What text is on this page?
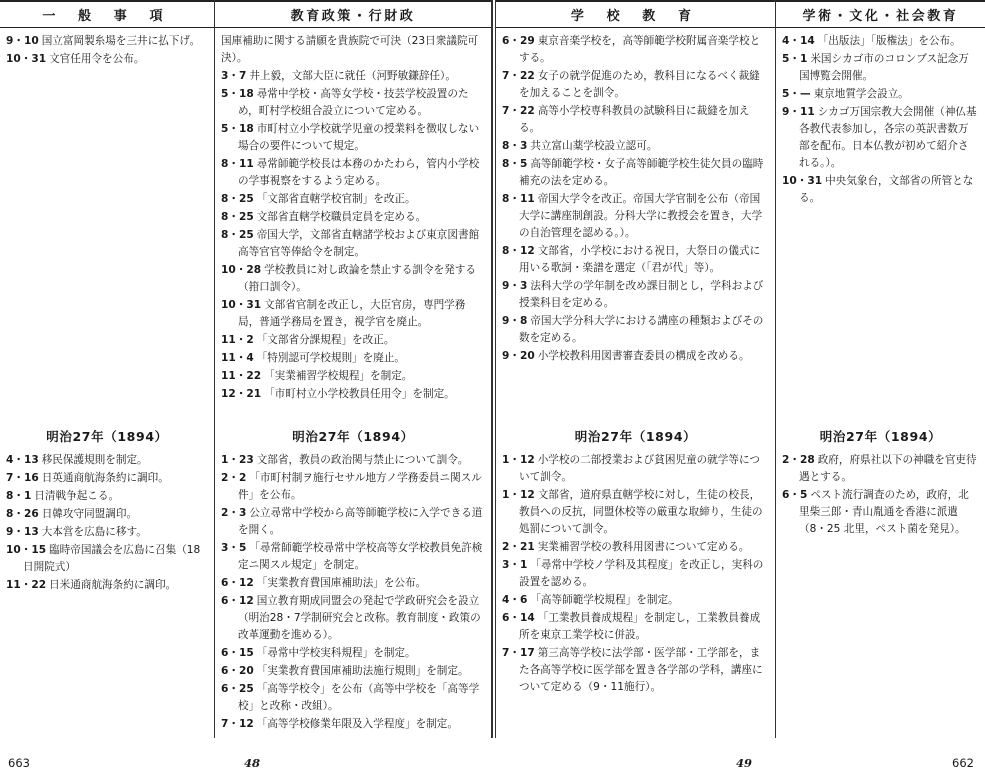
一 般 事 項
9・10 国立富岡製糸場を三井に払下げ。
10・31 文官任用令を公布。
明治27年（1894）
4・13 移民保護規則を制定。
7・16 日英通商航海条約に調印。
8・1 日清戦争起こる。
8・26 日韓攻守同盟調印。
9・13 大本営を広島に移す。
10・15 臨時帝国議会を広島に召集（18日開院式）
11・22 日米通商航海条約に調印。
教育政策・行財政
国庫補助に関する請願を貴族院で可決（23日衆議院可決）。
3・7 井上毅，文部大臣に就任（河野敏鎌辞任）。
5・18 尋常中学校・高等女学校・技芸学校設置のため，町村学校組合設立について定める。
5・18 市町村立小学校就学児童の授業料を徴収しない場合の要件について規定。
8・11 尋常師範学校長は本務のかたわら，管内小学校の学事視察をするよう定める。
8・25 「文部省直轄学校官制」を改正。
8・25 文部省直轄学校職員定員を定める。
8・25 帝国大学，文部省直轄諸学校および東京図書館高等官官等俸給令を制定。
10・28 学校教員に対し政論を禁止する訓令を発する（箝口訓令）。
10・31 文部省官制を改正し，大臣官房，専門学務局，普通学務局を置き，視学官を廃止。
11・2 「文部省分課規程」を改正。
11・4 「特別認可学校規則」を廃止。
11・22 「実業補習学校規程」を制定。
12・21 「市町村立小学校教員任用令」を制定。
明治27年（1894）
1・23 文部省，教員の政治関与禁止について訓令。
2・2 「市町村制ヲ施行セサル地方ノ学務委員ニ関スル件」を公布。
2・3 公立尋常中学校から高等師範学校に入学できる道を開く。
3・5 「尋常師範学校尋常中学校高等女学校教員免許検定ニ関スル規定」を制定。
6・12 「実業教育費国庫補助法」を公布。
6・12 国立教育期成同盟会の発起で学政研究会を設立（明治28・7学制研究会と改称。教育制度・政策の改革運動を進める）。
6・15 「尋常中学校実科規程」を制定。
6・20 「実業教育費国庫補助法施行規則」を制定。
6・25 「高等学校令」を公布（高等中学校を「高等学校」と改称・改組）。
7・12 「高等学校修業年限及入学程度」を制定。
学 校 教 育
6・29 東京音楽学校を，高等師範学校附属音楽学校とする。
7・22 女子の就学促進のため，教科目になるべく裁縫を加えることを訓令。
7・22 高等小学校専科教員の試験科目に裁縫を加える。
8・3 共立富山薬学校設立認可。
8・5 高等師範学校・女子高等師範学校生徒欠員の臨時補充の法を定める。
8・11 帝国大学令を改正。帝国大学官制を公布（帝国大学に講座制創設。分科大学に教授会を置き，大学の自治管理を認める。）。
8・12 文部省，小学校における祝日，大祭日の儀式に用いる歌詞・楽譜を選定（「君が代」等）。
9・3 法科大学の学年制を改め課目制とし，学科および授業科目を定める。
9・8 帝国大学分科大学における講座の種類およびその数を定める。
9・20 小学校教科用図書審査委員の構成を改める。
明治27年（1894）
1・12 小学校の二部授業および貧困児童の就学等について訓令。
1・12 文部省，道府県直轄学校に対し，生徒の校長，教員への反抗，同盟休校等の厳重な取締り，生徒の処罰について訓令。
2・21 実業補習学校の教科用図書について定める。
3・1 「尋常中学校ノ学科及其程度」を改正し，実科の設置を認める。
4・6 「高等師範学校規程」を制定。
6・14 「工業教員養成規程」を制定し，工業教員養成所を東京工業学校に併設。
7・17 第三高等学校に法学部・医学部・工学部を，また各高等学校に医学部を置き各学部の学科，講座について定める（9・11施行）。
学術・文化・社会教育
4・14 「出版法」「版権法」を公布。
5・1 米国シカゴ市のコロンブス記念万国博覧会開催。
5・— 東京地質学会設立。
9・11 シカゴ万国宗教大会開催（神仏基各教代表参加し，各宗の英訳書数万部を配布。日本仏教が初めて紹介される。）。
10・31 中央気象台，文部省の所管となる。
明治27年（1894）
2・28 政府，府県社以下の神職を官吏待遇とする。
6・5 ペスト流行調査のため，政府，北里柴三郎・青山胤通を香港に派遣（8・25 北里，ペスト菌を発見）。
663	48	49	662
